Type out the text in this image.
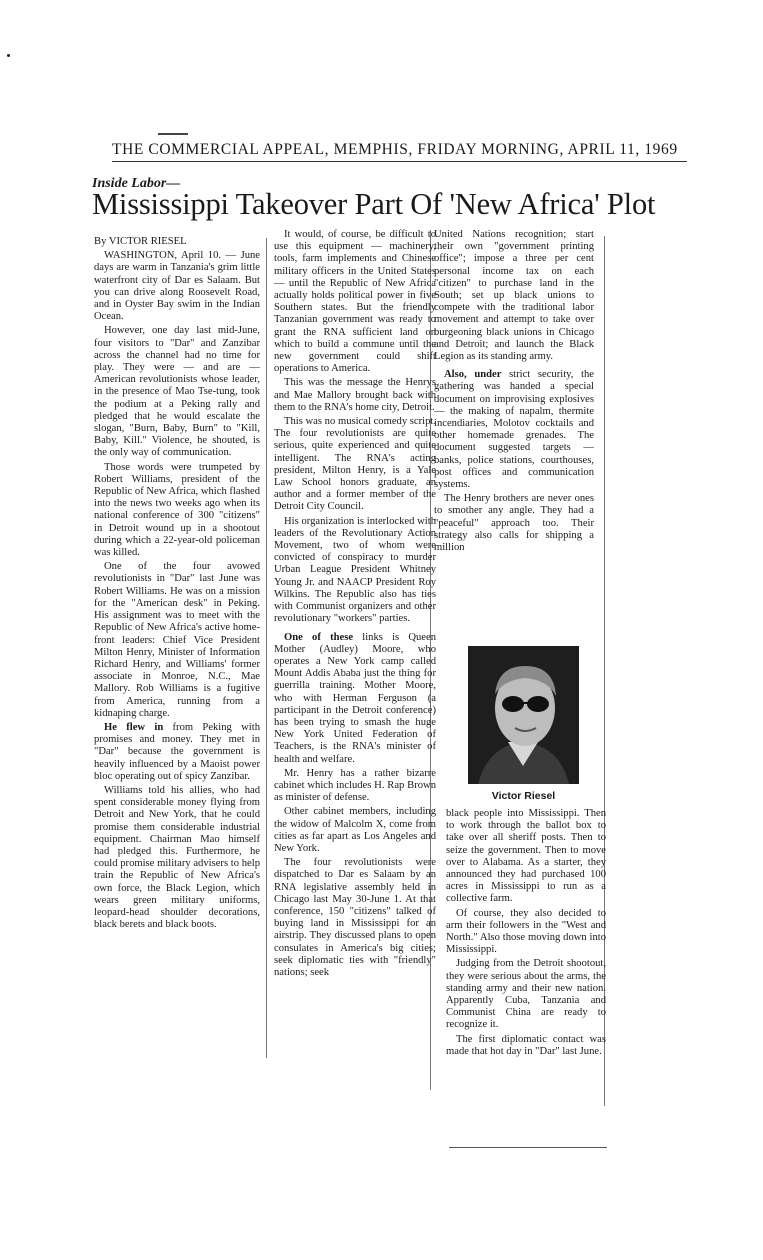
THE COMMERCIAL APPEAL, MEMPHIS, FRIDAY MORNING, APRIL 11, 1969
Inside Labor—
Mississippi Takeover Part Of 'New Africa' Plot
By VICTOR RIESEL

WASHINGTON, April 10. — June days are warm in Tanzania's grim little waterfront city of Dar es Salaam. But you can drive along Roosevelt Road, and in Oyster Bay swim in the Indian Ocean.

However, one day last mid-June, four visitors to "Dar" and Zanzibar across the channel had no time for play. They were — and are — American revolutionists whose leader, in the presence of Mao Tse-tung, took the podium at a Peking rally and pledged that he would escalate the slogan, "Burn, Baby, Burn" to "Kill, Baby, Kill." Violence, he shouted, is the only way of communication.

Those words were trumpeted by Robert Williams, president of the Republic of New Africa, which flashed into the news two weeks ago when its national conference of 300 "citizens" in Detroit wound up in a shootout during which a 22-year-old policeman was killed.

One of the four avowed revolutionists in "Dar" last June was Robert Williams. He was on a mission for the "American desk" in Peking. His assignment was to meet with the Republic of New Africa's active home-front leaders: Chief Vice President Milton Henry, Minister of Information Richard Henry, and Williams' former associate in Monroe, N.C., Mae Mallory. Rob Williams is a fugitive from America, running from a kidnaping charge.

He flew in from Peking with promises and money. They met in "Dar" because the government is heavily influenced by a Maoist power bloc operating out of spicy Zanzibar.

Williams told his allies, who had spent considerable money flying from Detroit and New York, that he could promise them considerable industrial equipment. Chairman Mao himself had pledged this. Furthermore, he could promise military advisers to help train the Republic of New Africa's own force, the Black Legion, which wears green military uniforms, leopard-head shoulder decorations, black berets and black boots.

It would, of course, be difficult to use this equipment — machinery, tools, farm implements and Chinese military officers in the United States — until the Republic of New Africa actually holds political power in five Southern states. But the friendly Tanzanian government was ready to grant the RNA sufficient land on which to build a commune until the new government could shift operations to America.

This was the message the Henrys and Mae Mallory brought back with them to the RNA's home city, Detroit.

This was no musical comedy script. The four revolutionists are quite serious, quite experienced and quite intelligent. The RNA's acting president, Milton Henry, is a Yale Law School honors graduate, an author and a former member of the Detroit City Council.

His organization is interlocked with leaders of the Revolutionary Action Movement, two of whom were convicted of conspiracy to murder Urban League President Whitney Young Jr. and NAACP President Roy Wilkins. The Republic also has ties with Communist organizers and other revolutionary "workers" parties.

One of these links is Queen Mother (Audley) Moore, who operates a New York camp called Mount Addis Ababa just the thing for guerrilla training. Mother Moore, who with Herman Ferguson (a participant in the Detroit conference) has been trying to smash the huge New York United Federation of Teachers, is the RNA's minister of health and welfare.

Mr. Henry has a rather bizarre cabinet which includes H. Rap Brown as minister of defense.

Other cabinet members, including the widow of Malcolm X, come from cities as far apart as Los Angeles and New York.

The four revolutionists were dispatched to Dar es Salaam by an RNA legislative assembly held in Chicago last May 30-June 1. At that conference, 150 "citizens" talked of buying land in Mississippi for an airstrip. They discussed plans to open consulates in America's big cities; seek diplomatic ties with "friendly" nations; seek

United Nations recognition; start their own "government printing office"; impose a three per cent personal income tax on each "citizen" to purchase land in the South; set up black unions to compete with the traditional labor movement and attempt to take over burgeoning black unions in Chicago and Detroit; and launch the Black Legion as its standing army.

Also, under strict security, the gathering was handed a special document on improvising explosives — the making of napalm, thermite incendiaries, Molotov cocktails and other homemade grenades. The document suggested targets — banks, police stations, courthouses, post offices and communication systems.

The Henry brothers are never ones to smother any angle. They had a "peaceful" approach too. Their strategy also calls for shipping a million

Victor Riesel

black people into Mississippi. Then to work through the ballot box to take over all sheriff posts. Then to seize the government. Then to move over to Alabama. As a starter, they announced they had purchased 100 acres in Mississippi to run as a collective farm.

Of course, they also decided to arm their followers in the "West and North." Also those moving down into Mississippi.

Judging from the Detroit shootout, they were serious about the arms, the standing army and their new nation. Apparently Cuba, Tanzania and Communist China are ready to recognize it.

The first diplomatic contact was made that hot day in "Dar" last June.
